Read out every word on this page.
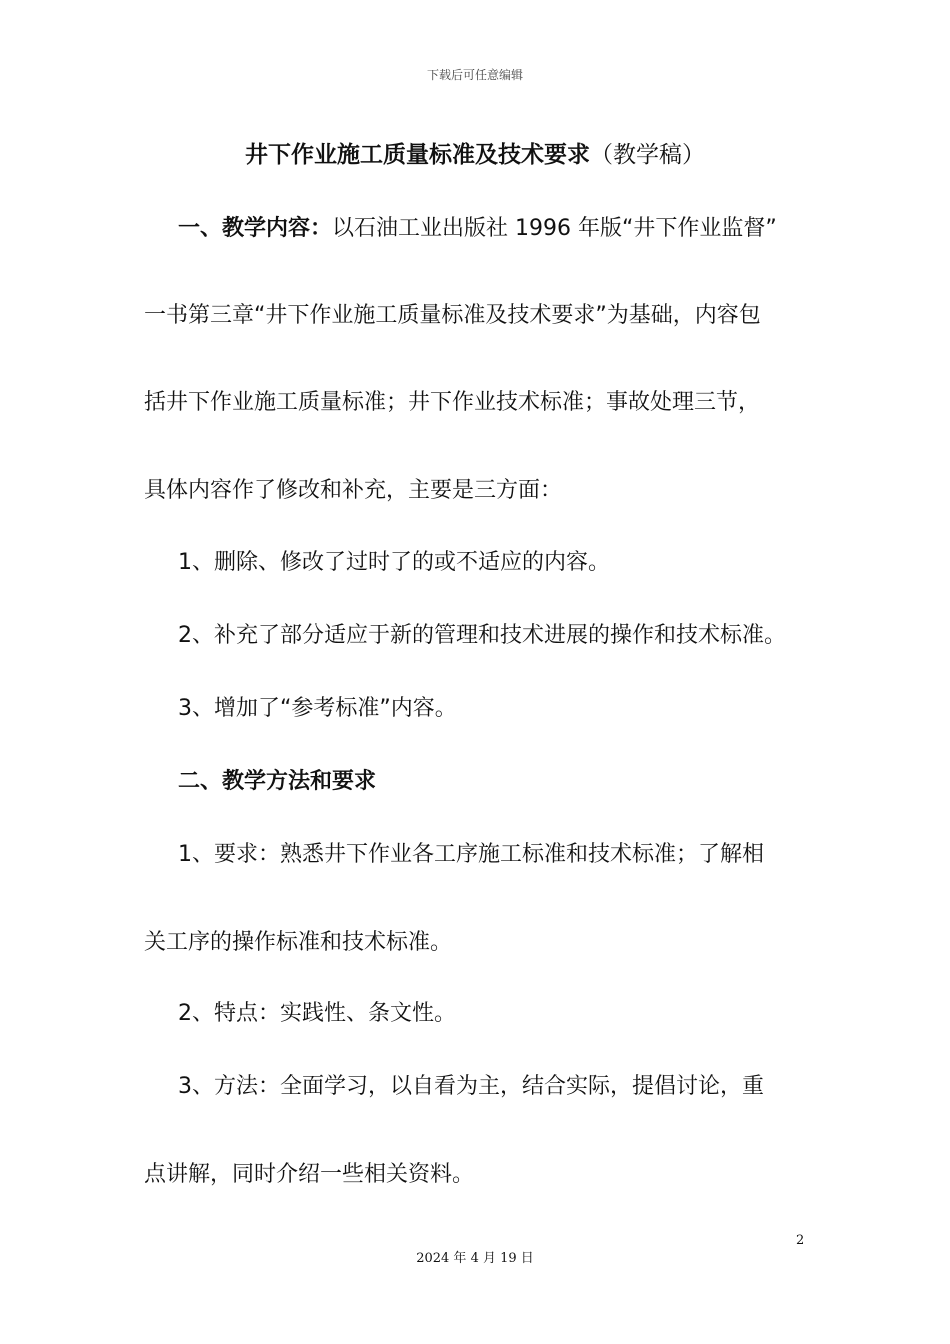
下载后可任意编辑
井下作业施工质量标准及技术要求（教学稿）
一、教学内容：以石油工业出版社 1996 年版“井下作业监督”
一书第三章“井下作业施工质量标准及技术要求”为基础，内容包
括井下作业施工质量标准；井下作业技术标准；事故处理三节，
具体内容作了修改和补充，主要是三方面：
1、删除、修改了过时了的或不适应的内容。
2、补充了部分适应于新的管理和技术进展的操作和技术标准。
3、增加了“参考标准”内容。
二、教学方法和要求
1、要求：熟悉井下作业各工序施工标准和技术标准；了解相
关工序的操作标准和技术标准。
2、特点：实践性、条文性。
3、方法：全面学习，以自看为主，结合实际，提倡讨论，重
点讲解，同时介绍一些相关资料。
2
2024 年 4 月 19 日
